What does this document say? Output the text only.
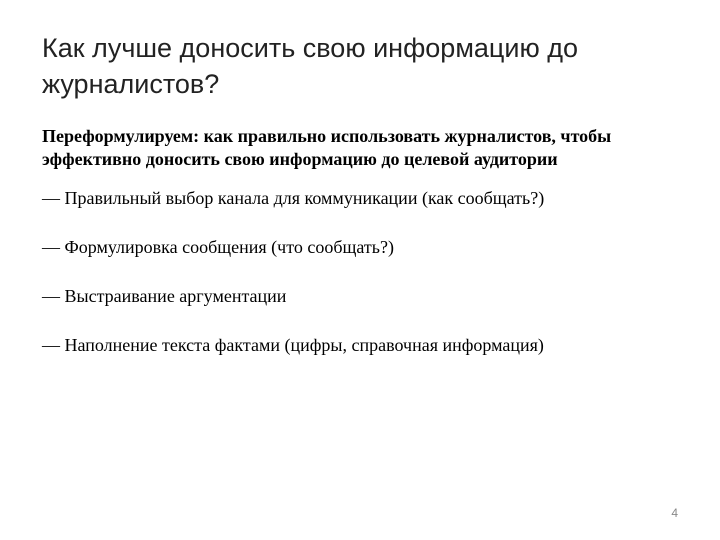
Как лучше доносить свою информацию до журналистов?

Переформулируем: как правильно использовать журналистов, чтобы эффективно доносить свою информацию до целевой аудитории

— Правильный выбор канала для коммуникации (как сообщать?)
— Формулировка сообщения (что сообщать?)
— Выстраивание аргументации
— Наполнение текста фактами (цифры, справочная информация)
4
